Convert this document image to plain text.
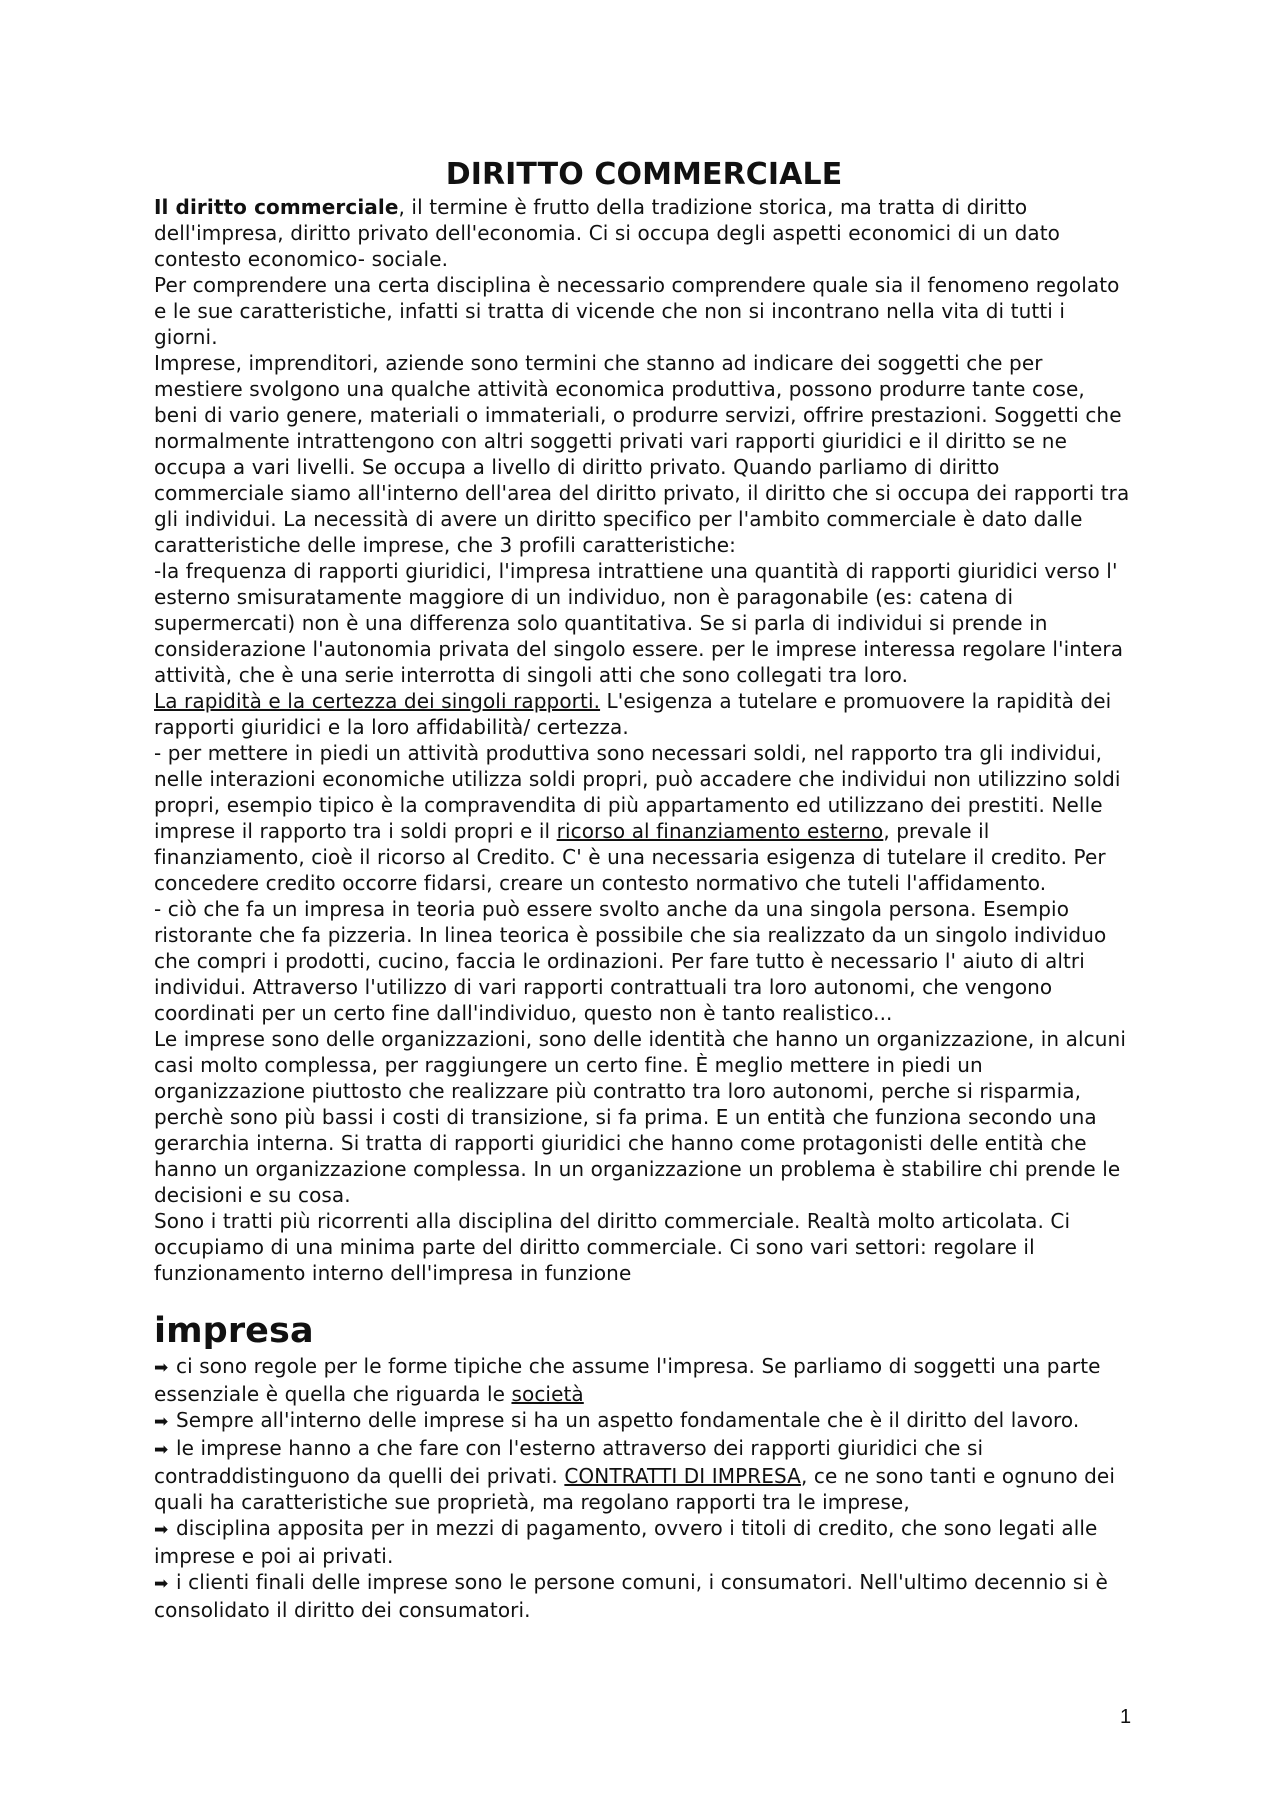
DIRITTO COMMERCIALE

Il diritto commerciale, il termine è frutto della tradizione storica, ma tratta di diritto dell'impresa, diritto privato dell'economia. Ci si occupa degli aspetti economici di un dato contesto economico- sociale.

Per comprendere una certa disciplina è necessario comprendere quale sia il fenomeno regolato e le sue caratteristiche, infatti si tratta di vicende che non si incontrano nella vita di tutti i giorni.

Imprese, imprenditori, aziende sono termini che stanno ad indicare dei soggetti che per mestiere svolgono una qualche attività economica produttiva, possono produrre tante cose, beni di vario genere, materiali o immateriali, o produrre servizi, offrire prestazioni. Soggetti che normalmente intrattengono con altri soggetti privati vari rapporti giuridici e il diritto se ne occupa a vari livelli. Se occupa a livello di diritto privato. Quando parliamo di diritto commerciale siamo all'interno dell'area del diritto privato, il diritto che si occupa dei rapporti tra gli individui. La necessità di avere un diritto specifico per l'ambito commerciale è dato dalle caratteristiche delle imprese, che 3 profili caratteristiche:

-la frequenza di rapporti giuridici, l'impresa intrattiene una quantità di rapporti giuridici verso l' esterno smisuratamente maggiore di un individuo, non è paragonabile (es: catena di supermercati) non è una differenza solo quantitativa. Se si parla di individui si prende in considerazione l'autonomia privata del singolo essere. per le imprese interessa regolare l'intera attività, che è una serie interrotta di singoli atti che sono collegati tra loro.

La rapidità e la certezza dei singoli rapporti. L'esigenza a tutelare e promuovere la rapidità dei rapporti giuridici e la loro affidabilità/ certezza.

- per mettere in piedi un attività produttiva sono necessari soldi, nel rapporto tra gli individui, nelle interazioni economiche utilizza soldi propri, può accadere che individui non utilizzino soldi propri, esempio tipico è la compravendita di più appartamento ed utilizzano dei prestiti. Nelle imprese il rapporto tra i soldi propri e il ricorso al finanziamento esterno, prevale il finanziamento, cioè il ricorso al Credito. C' è una necessaria esigenza di tutelare il credito. Per concedere credito occorre fidarsi, creare un contesto normativo che tuteli l'affidamento.

- ciò che fa un impresa in teoria può essere svolto anche da una singola persona. Esempio ristorante che fa pizzeria. In linea teorica è possibile che sia realizzato da un singolo individuo che compri i prodotti, cucino, faccia le ordinazioni. Per fare tutto è necessario l' aiuto di altri individui. Attraverso l'utilizzo di vari rapporti contrattuali tra loro autonomi, che vengono coordinati per un certo fine dall'individuo, questo non è tanto realistico...

Le imprese sono delle organizzazioni, sono delle identità che hanno un organizzazione, in alcuni casi molto complessa, per raggiungere un certo fine. È meglio mettere in piedi un organizzazione piuttosto che realizzare più contratto tra loro autonomi, perche si risparmia, perchè sono più bassi i costi di transizione, si fa prima. E un entità che funziona secondo una gerarchia interna. Si tratta di rapporti giuridici che hanno come protagonisti delle entità che hanno un organizzazione complessa. In un organizzazione un problema è stabilire chi prende le decisioni e su cosa.

Sono i tratti più ricorrenti alla disciplina del diritto commerciale. Realtà molto articolata. Ci occupiamo di una minima parte del diritto commerciale. Ci sono vari settori: regolare il funzionamento interno dell'impresa in funzione

impresa

➡ ci sono regole per le forme tipiche che assume l'impresa. Se parliamo di soggetti una parte essenziale è quella che riguarda le società

➡ Sempre all'interno delle imprese si ha un aspetto fondamentale che è il diritto del lavoro.

➡ le imprese hanno a che fare con l'esterno attraverso dei rapporti giuridici che si contraddistinguono da quelli dei privati. CONTRATTI DI IMPRESA, ce ne sono tanti e ognuno dei quali ha caratteristiche sue proprietà, ma regolano rapporti tra le imprese,

➡ disciplina apposita per in mezzi di pagamento, ovvero i titoli di credito, che sono legati alle imprese e poi ai privati.

➡ i clienti finali delle imprese sono le persone comuni, i consumatori. Nell'ultimo decennio si è consolidato il diritto dei consumatori.

1
